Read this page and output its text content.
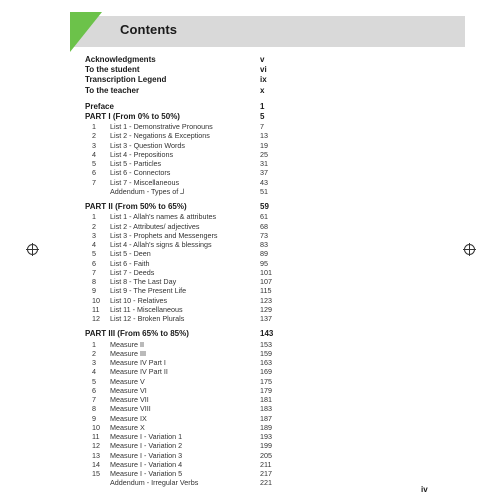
Contents
Acknowledgments	v
To the student	vi
Transcription Legend	ix
To the teacher	x
Preface	1
PART I (From 0% to 50%)	5
1	List 1 - Demonstrative Pronouns	7
2	List 2 - Negations & Exceptions	13
3	List 3 - Question Words	19
4	List 4 - Prepositions	25
5	List 5 - Particles	31
6	List 6 - Connectors	37
7	List 7 - Miscellaneous	43
Addendum - Types of لـ	51
PART II (From 50% to 65%)	59
1	List 1 - Allah's names & attributes	61
2	List 2 - Attributes/ adjectives	68
3	List 3 - Prophets and Messengers	73
4	List 4 - Allah's signs & blessings	83
5	List 5 - Deen	89
6	List 6 - Faith	95
7	List 7 - Deeds	101
8	List 8 - The Last Day	107
9	List 9 - The Present Life	115
10 List 10 - Relatives	123
11	List 11 - Miscellaneous	129
12 List 12 - Broken Plurals	137
PART III (From 65% to 85%)	143
1	Measure II	153
2	Measure III	159
3	Measure IV Part I	163
4	Measure IV Part II	169
5	Measure V	175
6	Measure VI	179
7	Measure VII	181
8	Measure VIII	183
9	Measure IX	187
10 Measure X	189
11	Measure I - Variation 1	193
12 Measure I - Variation 2	199
13 Measure I - Variation 3	205
14 Measure I - Variation 4	211
15 Measure I - Variation 5	217
Addendum - Irregular Verbs	221
iv
